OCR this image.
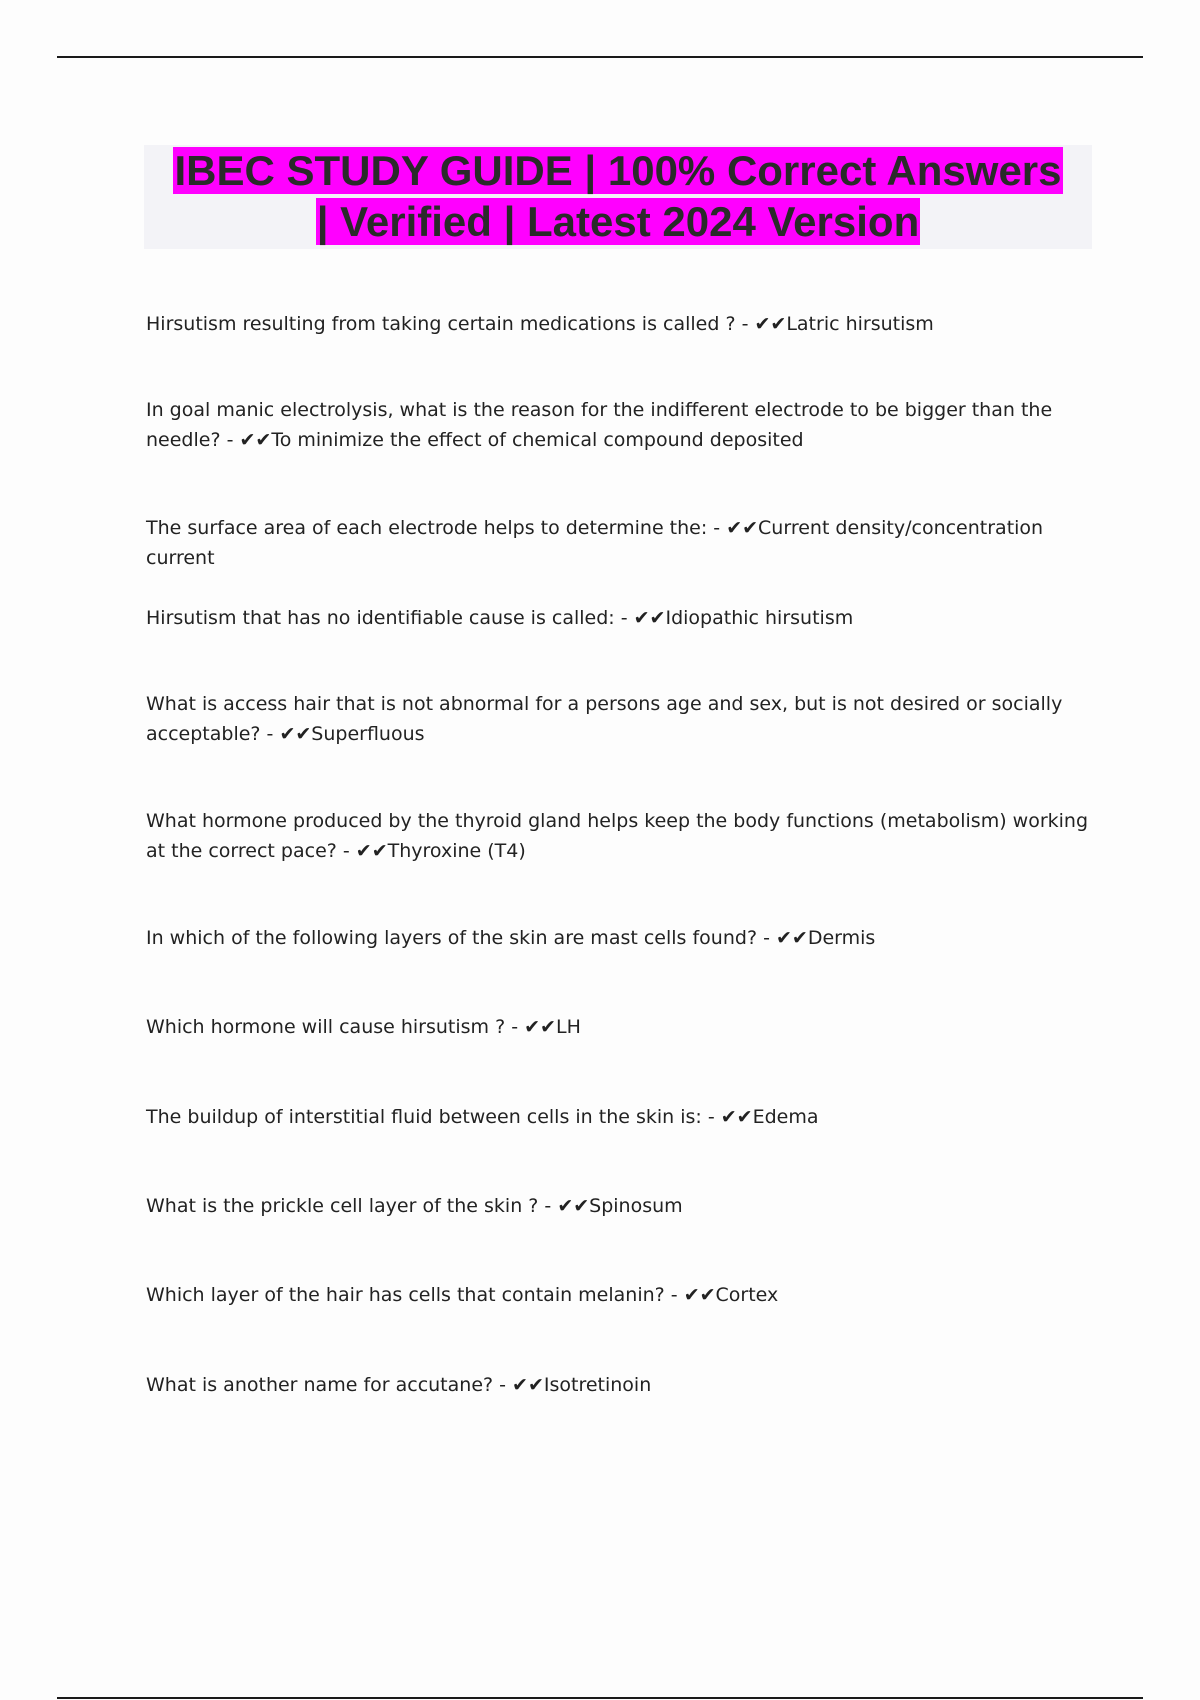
IBEC STUDY GUIDE | 100% Correct Answers
| Verified | Latest 2024 Version

Hirsutism resulting from taking certain medications is called ? - ✔✔Latric hirsutism

In goal manic electrolysis, what is the reason for the indifferent electrode to be bigger than the needle? - ✔✔To minimize the effect of chemical compound deposited

The surface area of each electrode helps to determine the: - ✔✔Current density/concentration current

Hirsutism that has no identifiable cause is called: - ✔✔Idiopathic hirsutism

What is access hair that is not abnormal for a persons age and sex, but is not desired or socially acceptable? - ✔✔Superfluous

What hormone produced by the thyroid gland helps keep the body functions (metabolism) working at the correct pace? - ✔✔Thyroxine (T4)

In which of the following layers of the skin are mast cells found? - ✔✔Dermis

Which hormone will cause hirsutism ? - ✔✔LH

The buildup of interstitial fluid between cells in the skin is: - ✔✔Edema

What is the prickle cell layer of the skin ? - ✔✔Spinosum

Which layer of the hair has cells that contain melanin? - ✔✔Cortex

What is another name for accutane? - ✔✔Isotretinoin
